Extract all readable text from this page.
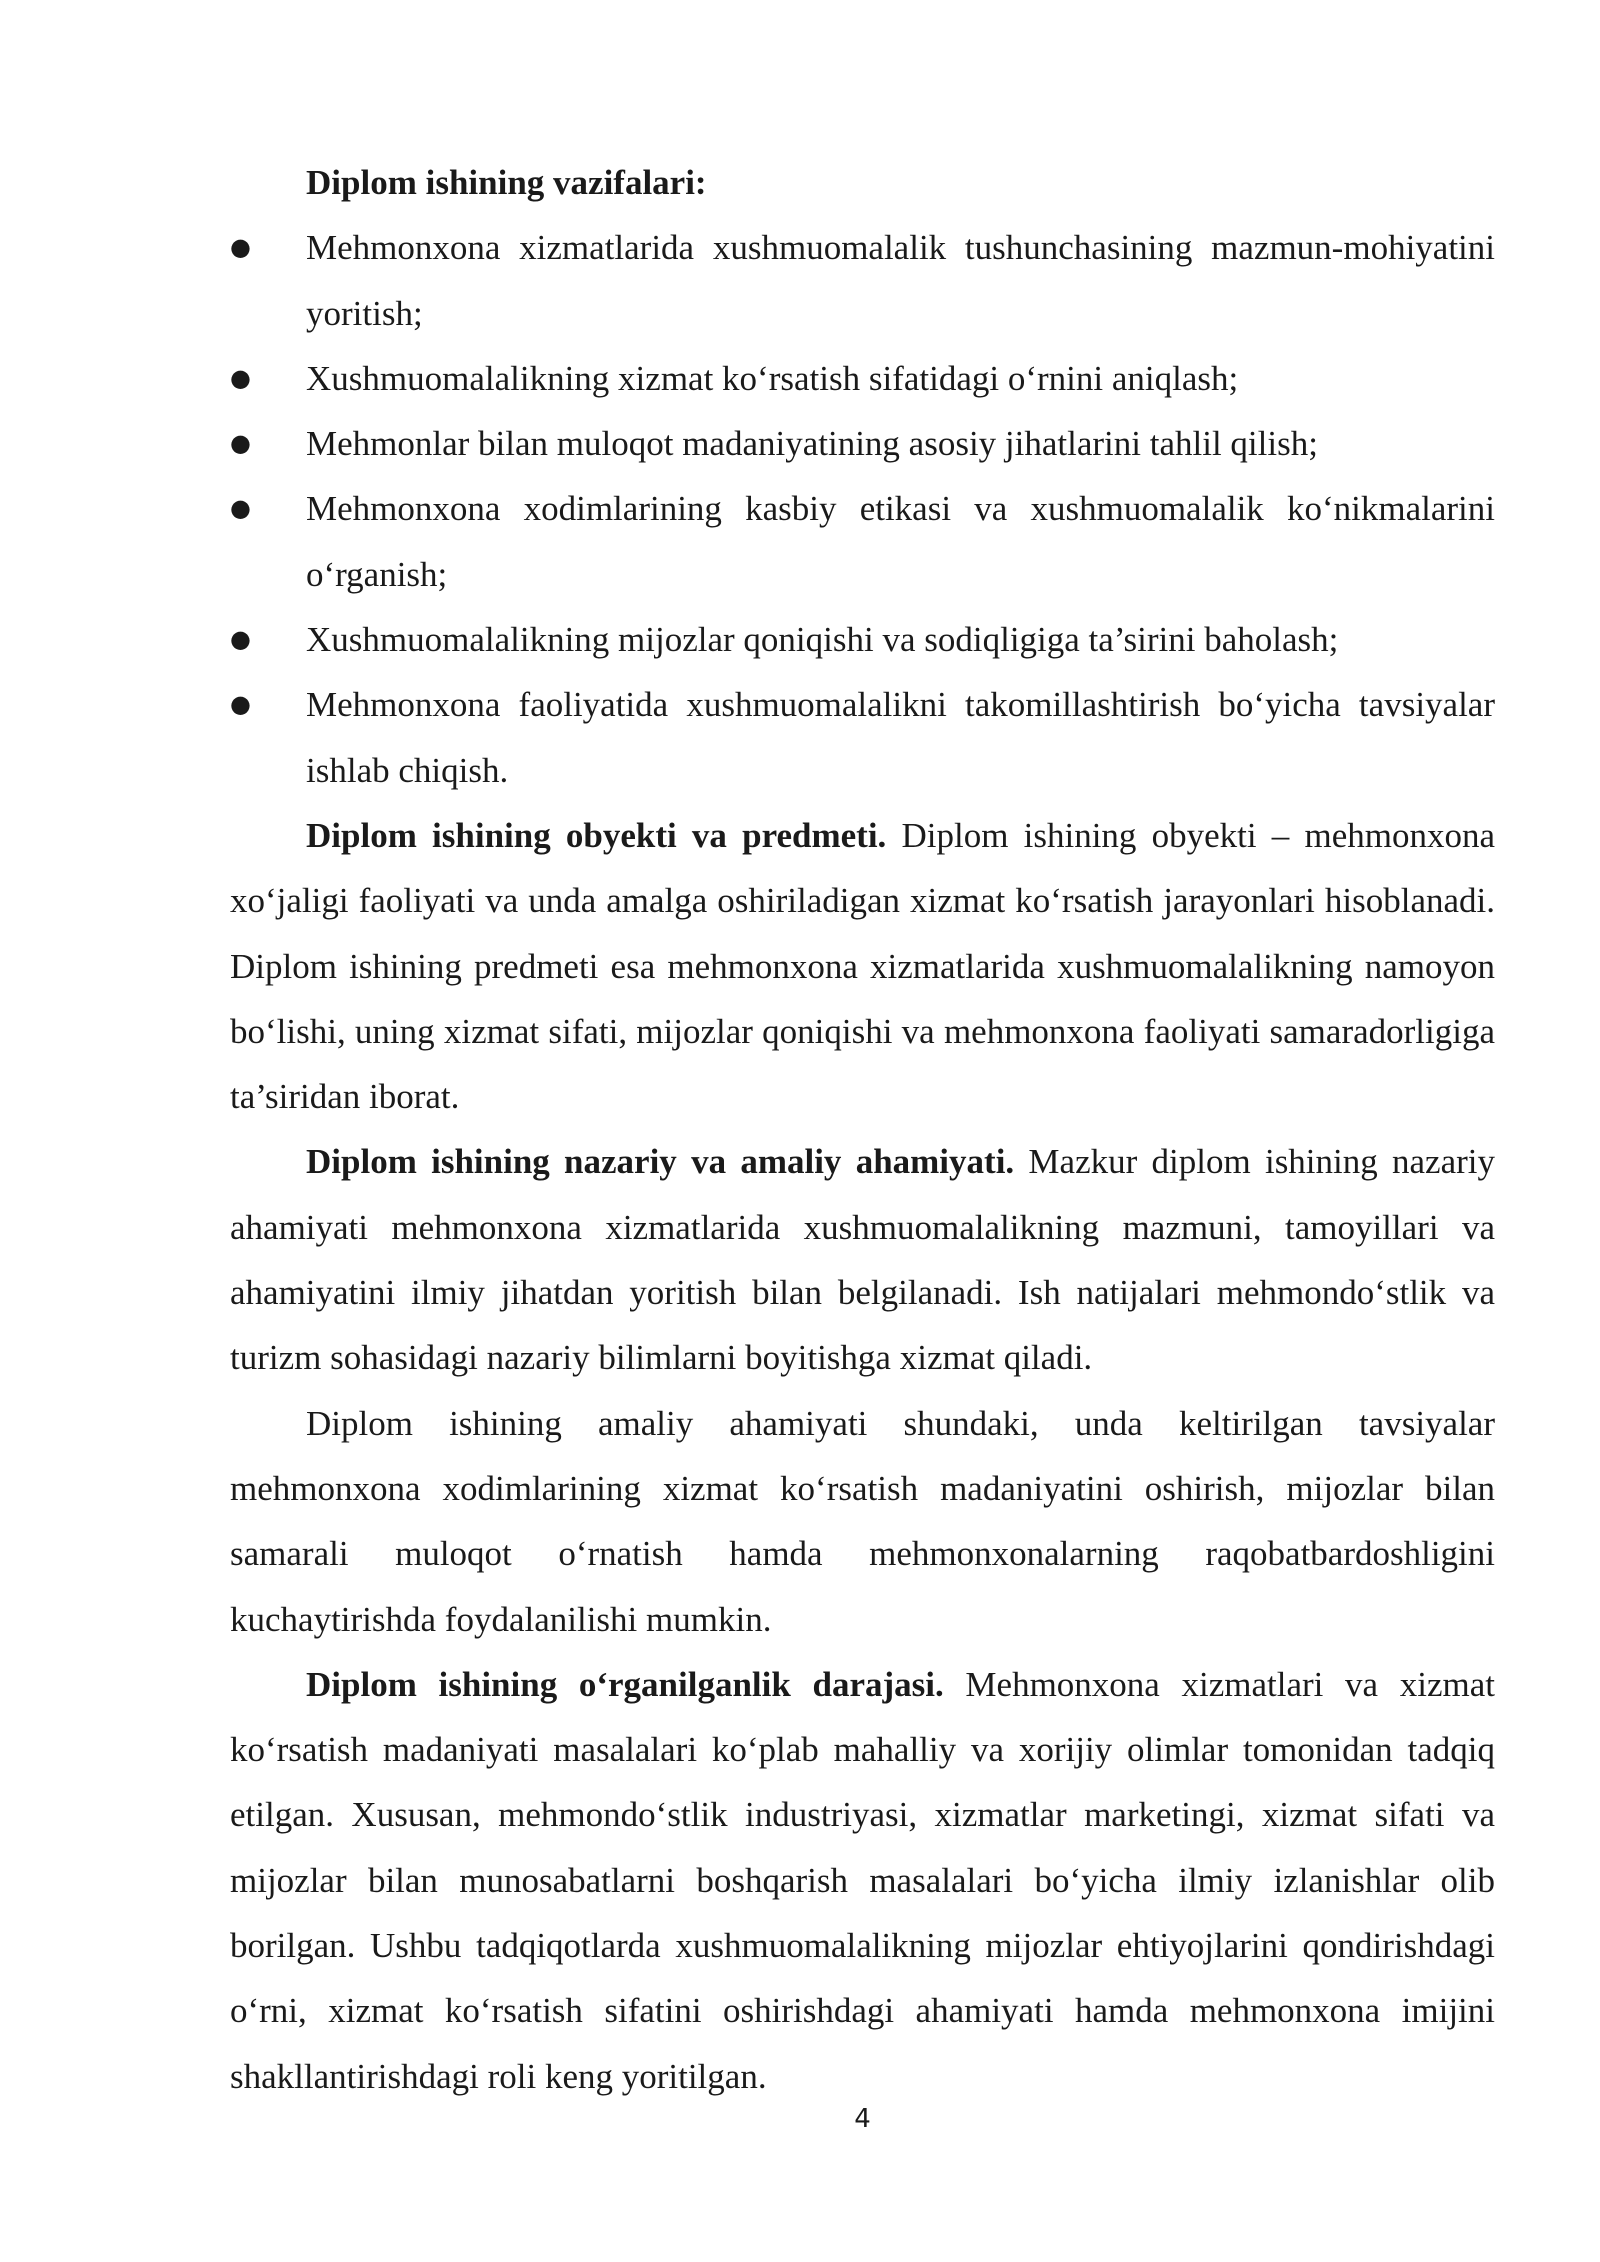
Diplom ishining vazifalari:

● Mehmonxona xizmatlarida xushmuomalalik tushunchasining mazmun-mohiyatini yoritish;
● Xushmuomalalikning xizmat ko‘rsatish sifatidagi o‘rnini aniqlash;
● Mehmonlar bilan muloqot madaniyatining asosiy jihatlarini tahlil qilish;
● Mehmonxona xodimlarining kasbiy etikasi va xushmuomalalik ko‘nikmalarini o‘rganish;
● Xushmuomalalikning mijozlar qoniqishi va sodiqligiga ta’sirini baholash;
● Mehmonxona faoliyatida xushmuomalalikni takomillashtirish bo‘yicha tavsiyalar ishlab chiqish.

Diplom ishining obyekti va predmeti. Diplom ishining obyekti – mehmonxona xo‘jaligi faoliyati va unda amalga oshiriladigan xizmat ko‘rsatish jarayonlari hisoblanadi. Diplom ishining predmeti esa mehmonxona xizmatlarida xushmuomalalikning namoyon bo‘lishi, uning xizmat sifati, mijozlar qoniqishi va mehmonxona faoliyati samaradorligiga ta’siridan iborat.

Diplom ishining nazariy va amaliy ahamiyati. Mazkur diplom ishining nazariy ahamiyati mehmonxona xizmatlarida xushmuomalalikning mazmuni, tamoyillari va ahamiyatini ilmiy jihatdan yoritish bilan belgilanadi. Ish natijalari mehmondo‘stlik va turizm sohasidagi nazariy bilimlarni boyitishga xizmat qiladi.

Diplom ishining amaliy ahamiyati shundaki, unda keltirilgan tavsiyalar mehmonxona xodimlarining xizmat ko‘rsatish madaniyatini oshirish, mijozlar bilan samarali muloqot o‘rnatish hamda mehmonxonalarning raqobatbardoshligini kuchaytirishda foydalanilishi mumkin.

Diplom ishining o‘rganilganlik darajasi. Mehmonxona xizmatlari va xizmat ko‘rsatish madaniyati masalalari ko‘plab mahalliy va xorijiy olimlar tomonidan tadqiq etilgan. Xususan, mehmondo‘stlik industriyasi, xizmatlar marketingi, xizmat sifati va mijozlar bilan munosabatlarni boshqarish masalalari bo‘yicha ilmiy izlanishlar olib borilgan. Ushbu tadqiqotlarda xushmuomalalikning mijozlar ehtiyojlarini qondirishdagi o‘rni, xizmat ko‘rsatish sifatini oshirishdagi ahamiyati hamda mehmonxona imijini shakllantirishdagi roli keng yoritilgan.

4
